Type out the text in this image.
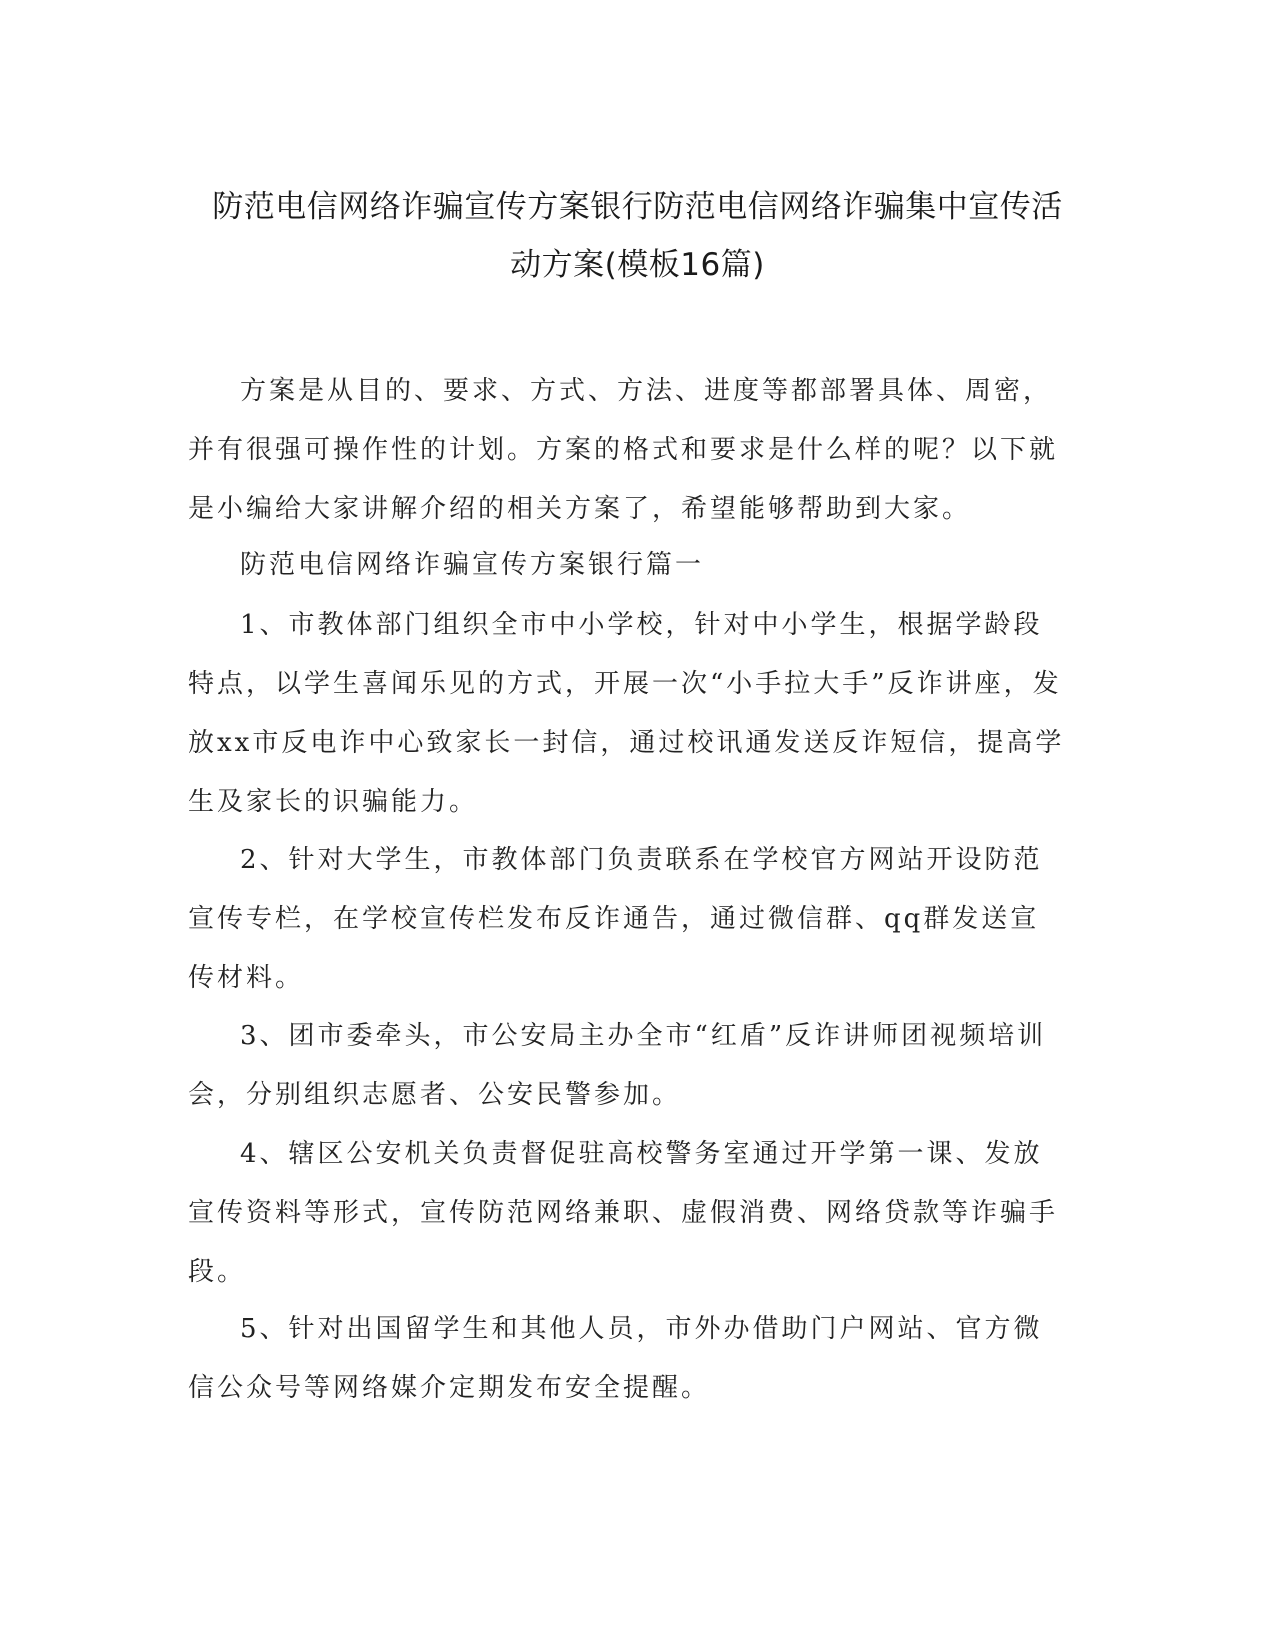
防范电信网络诈骗宣传方案银行防范电信网络诈骗集中宣传活
动方案(模板16篇)

方案是从目的、要求、方式、方法、进度等都部署具体、周密，并有很强可操作性的计划。方案的格式和要求是什么样的呢？以下就是小编给大家讲解介绍的相关方案了，希望能够帮助到大家。

防范电信网络诈骗宣传方案银行篇一

1、市教体部门组织全市中小学校，针对中小学生，根据学龄段特点，以学生喜闻乐见的方式，开展一次“小手拉大手”反诈讲座，发放xx市反电诈中心致家长一封信，通过校讯通发送反诈短信，提高学生及家长的识骗能力。

2、针对大学生，市教体部门负责联系在学校官方网站开设防范宣传专栏，在学校宣传栏发布反诈通告，通过微信群、qq群发送宣传材料。

3、团市委牵头，市公安局主办全市“红盾”反诈讲师团视频培训会，分别组织志愿者、公安民警参加。

4、辖区公安机关负责督促驻高校警务室通过开学第一课、发放宣传资料等形式，宣传防范网络兼职、虚假消费、网络贷款等诈骗手段。

5、针对出国留学生和其他人员，市外办借助门户网站、官方微信公众号等网络媒介定期发布安全提醒。
